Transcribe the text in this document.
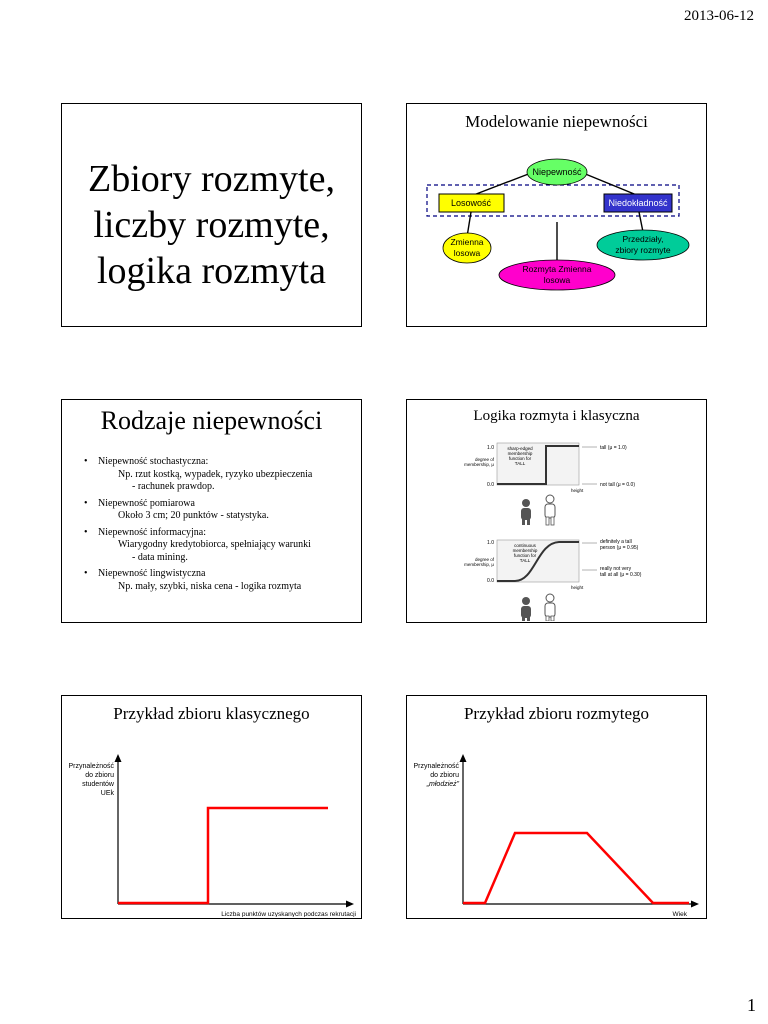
2013-06-12
Zbiory rozmyte,
liczby rozmyte,
logika rozmyta
Modelowanie niepewności
Niepewność
Losowość	Niedokładność
Zmienna
losowa
Przedziały,
zbiory rozmyte
Rozmyta Zmienna
losowa
Rodzaje niepewności
• Niepewność stochastyczna:
Np. rzut kostką, wypadek, ryzyko ubezpieczenia
- rachunek prawdop.
• Niepewność pomiarowa
Około 3 cm; 20 punktów - statystyka.
• Niepewność informacyjna:
Wiarygodny kredytobiorca, spełniający warunki
- data mining.
• Niepewność lingwistyczna
Np. mały, szybki, niska cena - logika rozmyta
Logika rozmyta i klasyczna
1.0
0.0
degree of
membership, μ
sharp-edged
membership
function for
TALL
tall (μ = 1.0)
not tall (μ = 0.0)
height
1.0
0.0
degree of
membership, μ
continuous
membership
function for
TALL
definitely a tall
person (μ = 0.95)
really not very
tall at all (μ = 0.30)
height
Przykład zbioru klasycznego
Przynależność
do zbioru
studentów
UEk
Liczba punktów uzyskanych podczas rekrutacji
Przykład zbioru rozmytego
Przynależność
do zbioru
„młodzież”
Wiek
1
